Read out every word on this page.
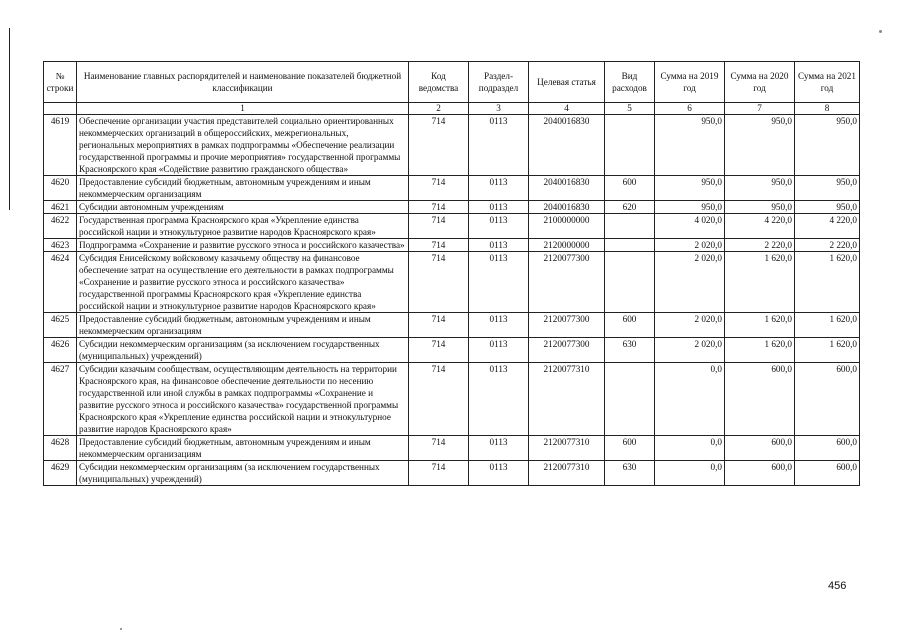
№ строки	Наименование главных распорядителей и наименование показателей бюджетной классификации	Код ведомства	Раздел-подраздел	Целевая статья	Вид расходов	Сумма на 2019 год	Сумма на 2020 год	Сумма на 2021 год
	1	2	3	4	5	6	7	8
4619	Обеспечение организации участия представителей социально ориентированных некоммерческих организаций в общероссийских, межрегиональных, региональных мероприятиях в рамках подпрограммы «Обеспечение реализации государственной программы и прочие мероприятия» государственной программы Красноярского края «Содействие развитию гражданского общества»	714	0113	2040016830		950,0	950,0	950,0
4620	Предоставление субсидий бюджетным, автономным учреждениям и иным некоммерческим организациям	714	0113	2040016830	600	950,0	950,0	950,0
4621	Субсидии автономным учреждениям	714	0113	2040016830	620	950,0	950,0	950,0
4622	Государственная программа Красноярского края «Укрепление единства российской нации и этнокультурное развитие народов Красноярского края»	714	0113	2100000000		4 020,0	4 220,0	4 220,0
4623	Подпрограмма «Сохранение и развитие русского этноса и российского казачества»	714	0113	2120000000		2 020,0	2 220,0	2 220,0
4624	Субсидия Енисейскому войсковому казачьему обществу на финансовое обеспечение затрат на осуществление его деятельности в рамках подпрограммы «Сохранение и развитие русского этноса и российского казачества» государственной программы Красноярского края «Укрепление единства российской нации и этнокультурное развитие народов Красноярского края»	714	0113	2120077300		2 020,0	1 620,0	1 620,0
4625	Предоставление субсидий бюджетным, автономным учреждениям и иным некоммерческим организациям	714	0113	2120077300	600	2 020,0	1 620,0	1 620,0
4626	Субсидии некоммерческим организациям (за исключением государственных (муниципальных) учреждений)	714	0113	2120077300	630	2 020,0	1 620,0	1 620,0
4627	Субсидии казачьим сообществам, осуществляющим деятельность на территории Красноярского края, на финансовое обеспечение деятельности по несению государственной или иной службы в рамках подпрограммы «Сохранение и развитие русского этноса и российского казачества» государственной программы Красноярского края «Укрепление единства российской нации и этнокультурное развитие народов Красноярского края»	714	0113	2120077310		0,0	600,0	600,0
4628	Предоставление субсидий бюджетным, автономным учреждениям и иным некоммерческим организациям	714	0113	2120077310	600	0,0	600,0	600,0
4629	Субсидии некоммерческим организациям (за исключением государственных (муниципальных) учреждений)	714	0113	2120077310	630	0,0	600,0	600,0
456
